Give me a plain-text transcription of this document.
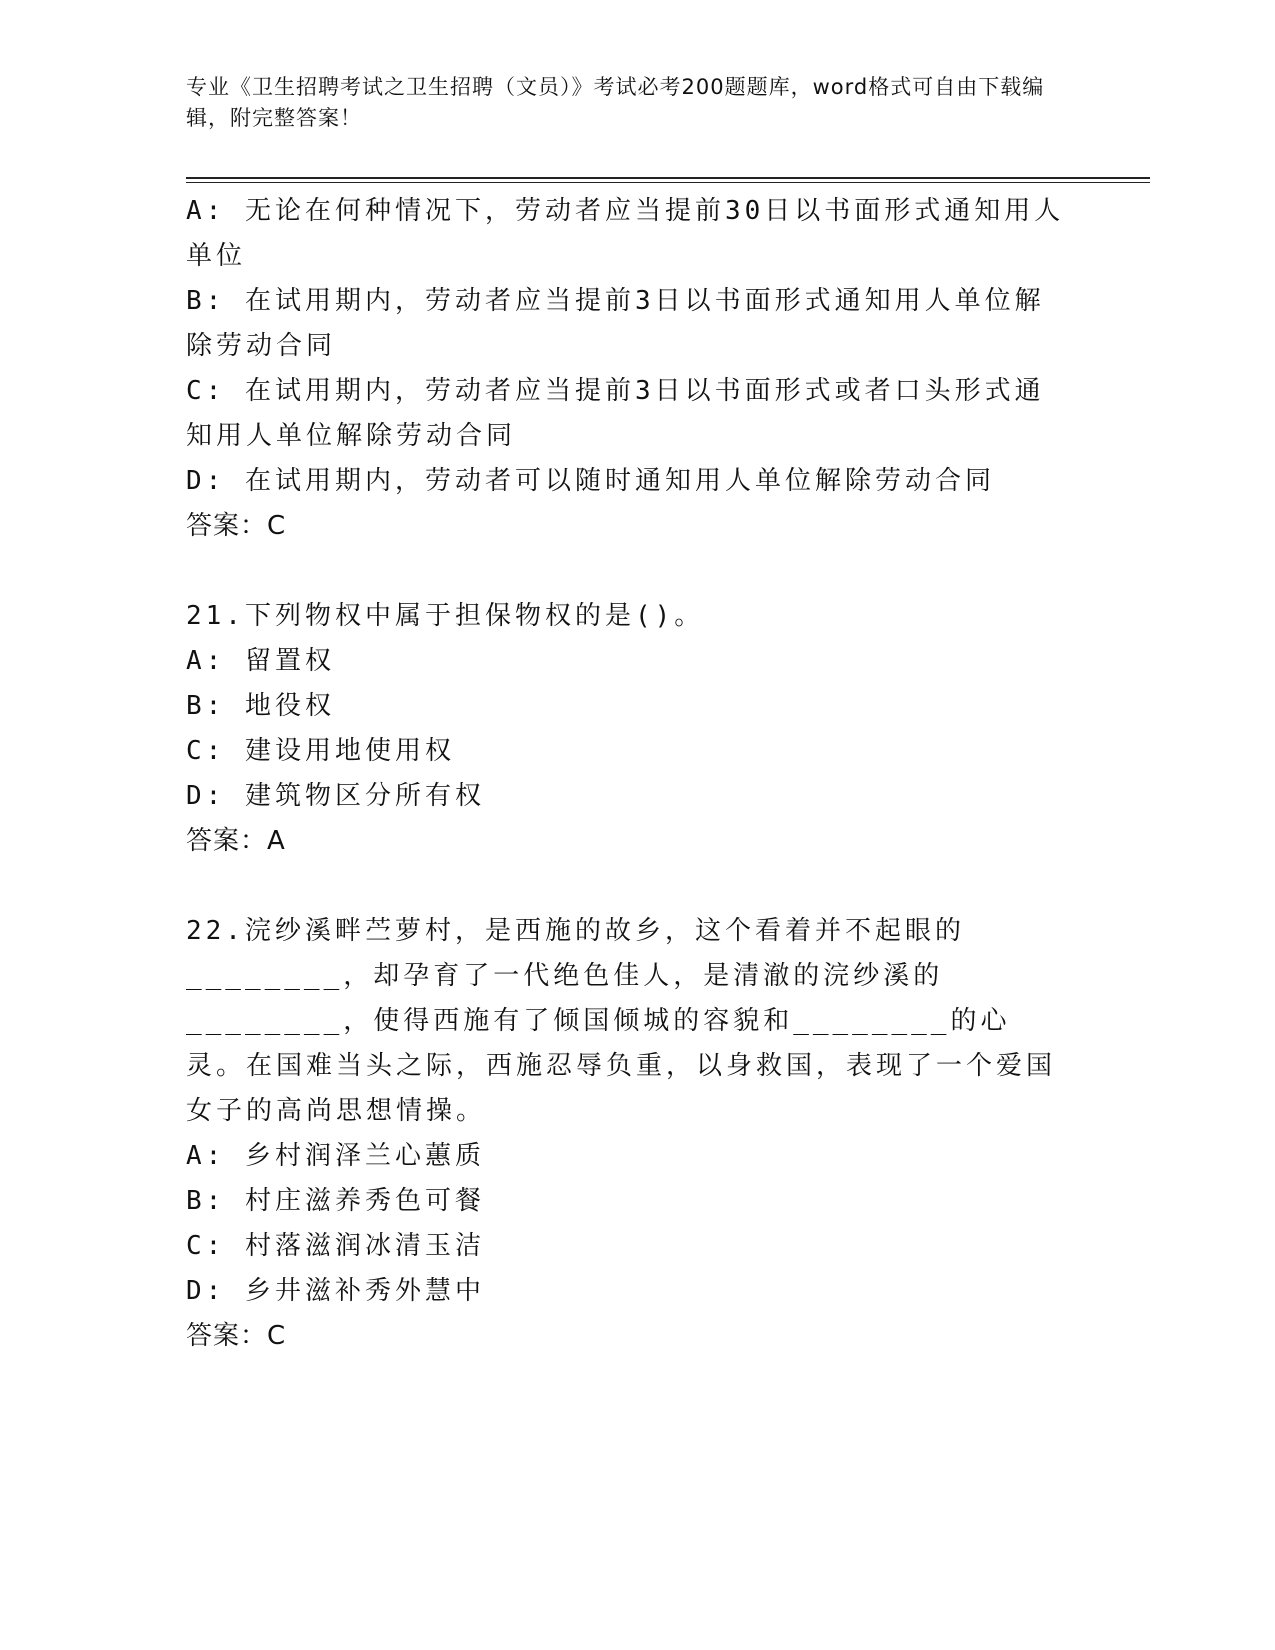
专业《卫生招聘考试之卫生招聘（文员）》考试必考200题题库，word格式可自由下载编辑，附完整答案！

A: 无论在何种情况下，劳动者应当提前30日以书面形式通知用人单位

B: 在试用期内，劳动者应当提前3日以书面形式通知用人单位解除劳动合同

C: 在试用期内，劳动者应当提前3日以书面形式或者口头形式通知用人单位解除劳动合同

D: 在试用期内，劳动者可以随时通知用人单位解除劳动合同

答案：C

21.下列物权中属于担保物权的是()。

A: 留置权

B: 地役权

C: 建设用地使用权

D: 建筑物区分所有权

答案：A

22.浣纱溪畔苎萝村，是西施的故乡，这个看着并不起眼的________，却孕育了一代绝色佳人，是清澈的浣纱溪的________，使得西施有了倾国倾城的容貌和________的心灵。在国难当头之际，西施忍辱负重，以身救国，表现了一个爱国女子的高尚思想情操。

A: 乡村润泽兰心蕙质

B: 村庄滋养秀色可餐

C: 村落滋润冰清玉洁

D: 乡井滋补秀外慧中

答案：C
